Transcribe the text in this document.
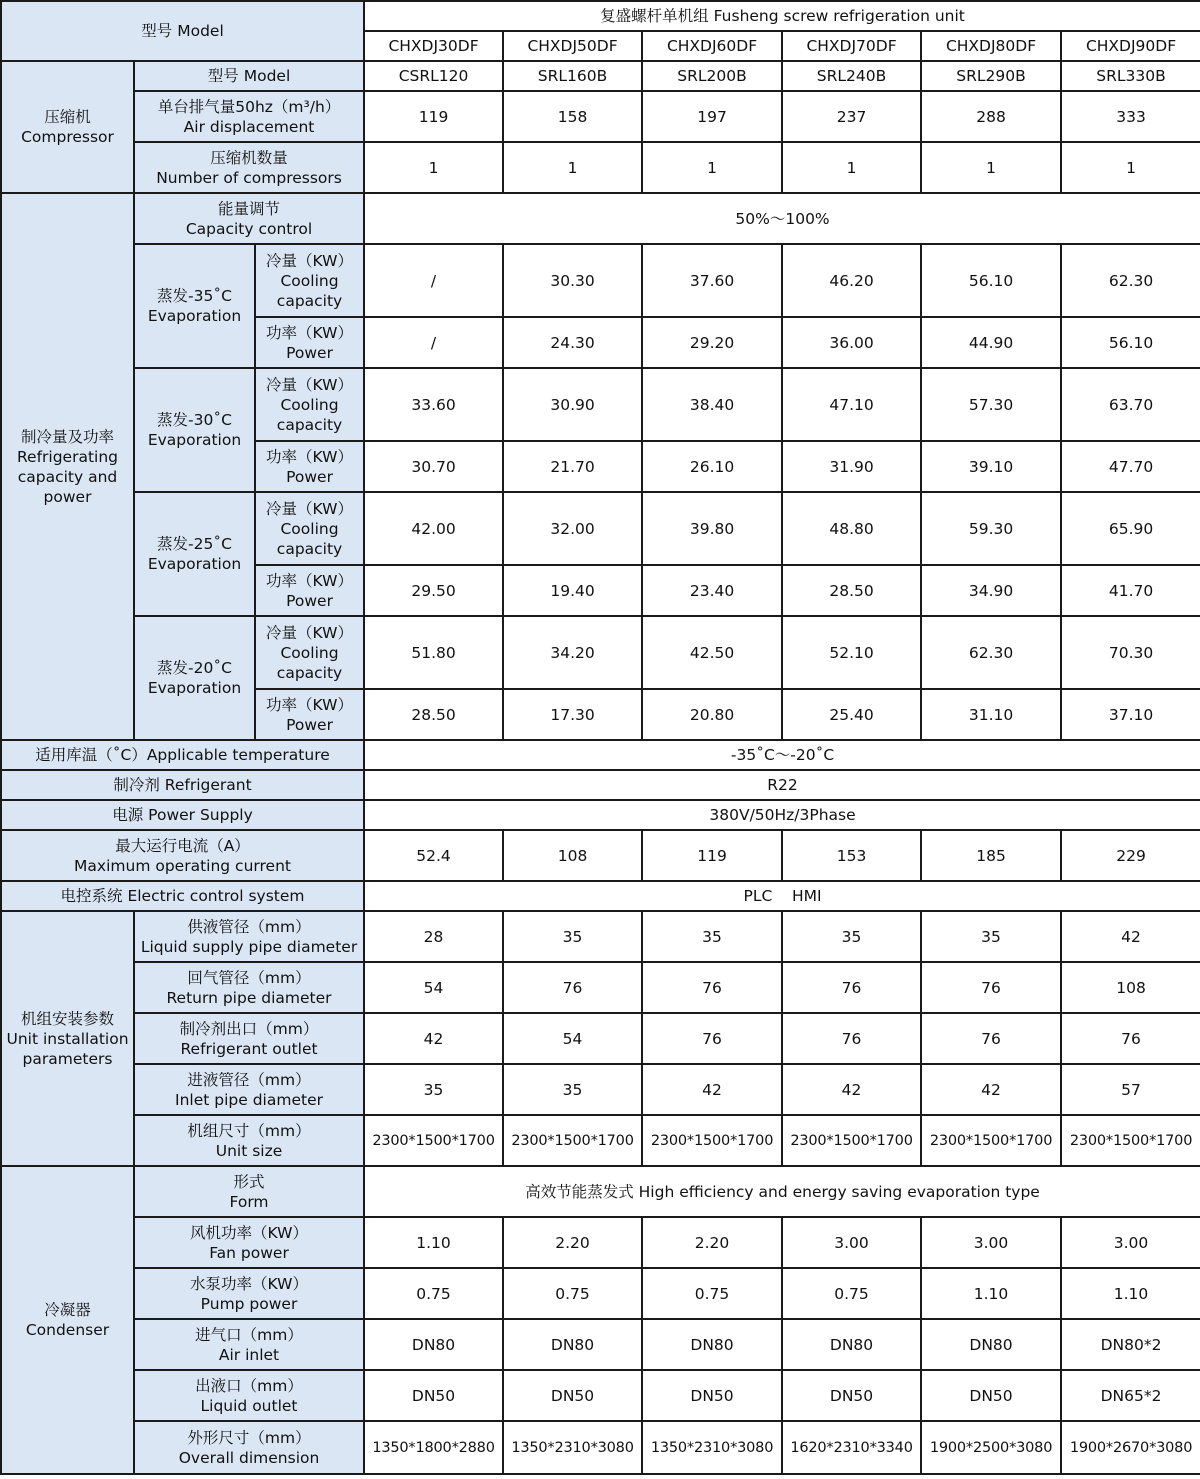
型号 Model			复盛螺杆单机组 Fusheng screw refrigeration unit					
			CHXDJ30DF	CHXDJ50DF	CHXDJ60DF	CHXDJ70DF	CHXDJ80DF	CHXDJ90DF

压缩机
Compressor	型号 Model		CSRL120	SRL160B	SRL200B	SRL240B	SRL290B	SRL330B

	单台排气量50hz（m³/h）
Air displacement		119	158	197	237	288	333

	压缩机数量
Number of compressors		1	1	1	1	1	1

制冷量及功率
Refrigerating
capacity and
power	能量调节
Capacity control		50%～100%					

	蒸发-35˚C
Evaporation	冷量（KW）
Cooling
capacity	/	30.30	37.60	46.20	56.10	62.30

		功率（KW）
Power	/	24.30	29.20	36.00	44.90	56.10

	蒸发-30˚C
Evaporation	冷量（KW）
Cooling
capacity	33.60	30.90	38.40	47.10	57.30	63.70

		功率（KW）
Power	30.70	21.70	26.10	31.90	39.10	47.70

	蒸发-25˚C
Evaporation	冷量（KW）
Cooling
capacity	42.00	32.00	39.80	48.80	59.30	65.90

		功率（KW）
Power	29.50	19.40	23.40	28.50	34.90	41.70

	蒸发-20˚C
Evaporation	冷量（KW）
Cooling
capacity	51.80	34.20	42.50	52.10	62.30	70.30

		功率（KW）
Power	28.50	17.30	20.80	25.40	31.10	37.10
适用库温（˚C）Applicable temperature			-35˚C～-20˚C					
制冷剂 Refrigerant			R22					
电源 Power Supply			380V/50Hz/3Phase					

最大运行电流（A）
Maximum operating current			52.4	108	119	153	185	229
电控系统 Electric control system			PLC    HMI					

机组安装参数
Unit installation
parameters	供液管径（mm）
Liquid supply pipe diameter		28	35	35	35	35	42

	回气管径（mm）
Return pipe diameter		54	76	76	76	76	108

	制冷剂出口（mm）
Refrigerant outlet		42	54	76	76	76	76

	进液管径（mm）
Inlet pipe diameter		35	35	42	42	42	57

	机组尺寸（mm）
Unit size		2300*1500*1700	2300*1500*1700	2300*1500*1700	2300*1500*1700	2300*1500*1700	2300*1500*1700

冷凝器
Condenser	形式
Form		高效节能蒸发式 High efficiency and energy saving evaporation type					

	风机功率（KW）
Fan power		1.10	2.20	2.20	3.00	3.00	3.00

	水泵功率（KW）
Pump power		0.75	0.75	0.75	0.75	1.10	1.10

	进气口（mm）
Air inlet		DN80	DN80	DN80	DN80	DN80	DN80*2

	出液口（mm）
Liquid outlet		DN50	DN50	DN50	DN50	DN50	DN65*2

	外形尺寸（mm）
Overall dimension		1350*1800*2880	1350*2310*3080	1350*2310*3080	1620*2310*3340	1900*2500*3080	1900*2670*3080
